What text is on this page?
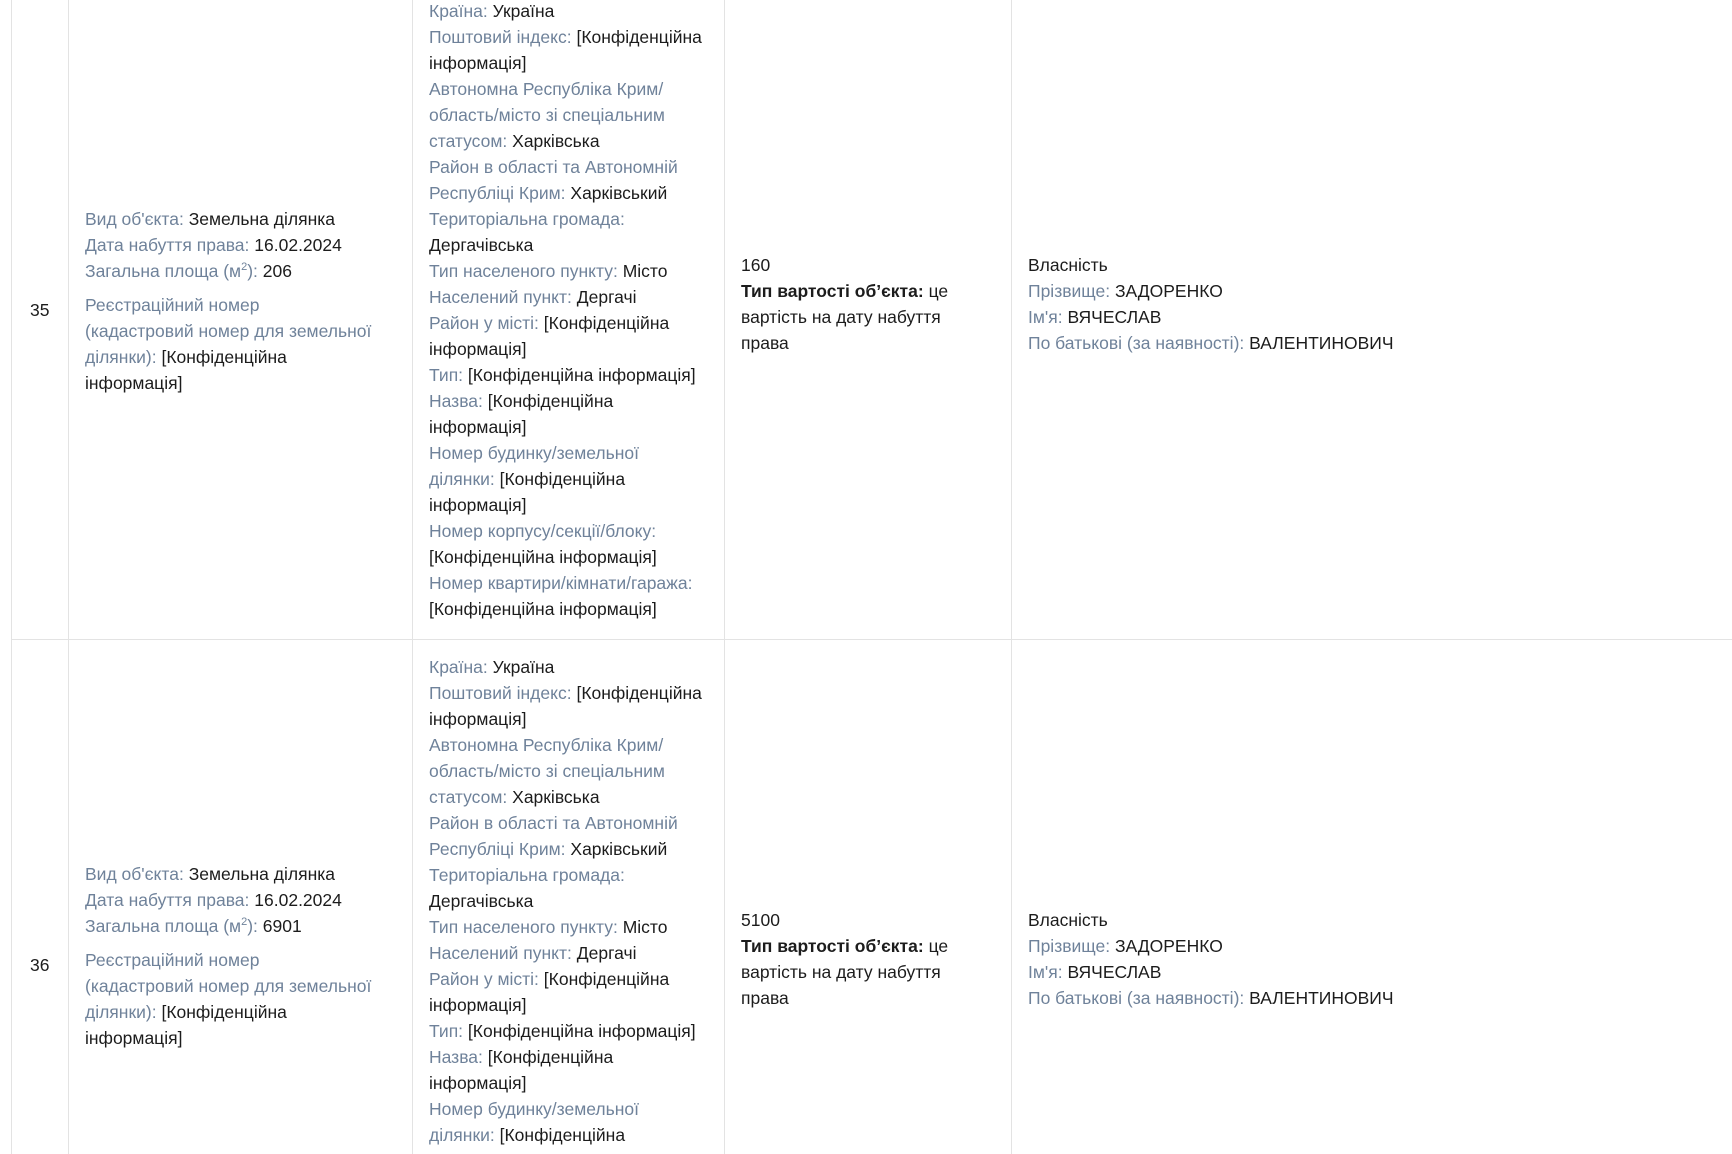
35
Вид об'єкта: Земельна ділянка
Дата набуття права: 16.02.2024
Загальна площа $(м^2)$: 206
Реєстраційний номер
(кадастровий номер для земельної
ділянки): [Конфіденційна
інформація]
Країна: Україна
Поштовий індекс: [Конфіденційна
інформація]
Автономна Республіка Крим/
область/місто зі спеціальним
статусом: Харківська
Район в області та Автономній
Республіці Крим: Харківський
Територіальна громада:
Дергачівська
Тип населеного пункту: Місто
Населений пункт: Дергачі
Район у місті: [Конфіденційна
інформація]
Тип: [Конфіденційна інформація]
Назва: [Конфіденційна
інформація]
Номер будинку/земельної
ділянки: [Конфіденційна
інформація]
Номер корпусу/секції/блоку:
[Конфіденційна інформація]
Номер квартири/кімнати/гаража:
[Конфіденційна інформація]
160
Тип вартості об’єкта: це
вартість на дату набуття
права
Власність
Прізвище: ЗАДОРЕНКО
Ім'я: ВЯЧЕСЛАВ
По батькові (за наявності): ВАЛЕНТИНОВИЧ
36
Вид об'єкта: Земельна ділянка
Дата набуття права: 16.02.2024
Загальна площа $(м^2)$: 6901
Реєстраційний номер
(кадастровий номер для земельної
ділянки): [Конфіденційна
інформація]
Країна: Україна
Поштовий індекс: [Конфіденційна
інформація]
Автономна Республіка Крим/
область/місто зі спеціальним
статусом: Харківська
Район в області та Автономній
Республіці Крим: Харківський
Територіальна громада:
Дергачівська
Тип населеного пункту: Місто
Населений пункт: Дергачі
Район у місті: [Конфіденційна
інформація]
Тип: [Конфіденційна інформація]
Назва: [Конфіденційна
інформація]
Номер будинку/земельної
ділянки: [Конфіденційна
5100
Тип вартості об’єкта: це
вартість на дату набуття
права
Власність
Прізвище: ЗАДОРЕНКО
Ім'я: ВЯЧЕСЛАВ
По батькові (за наявності): ВАЛЕНТИНОВИЧ
